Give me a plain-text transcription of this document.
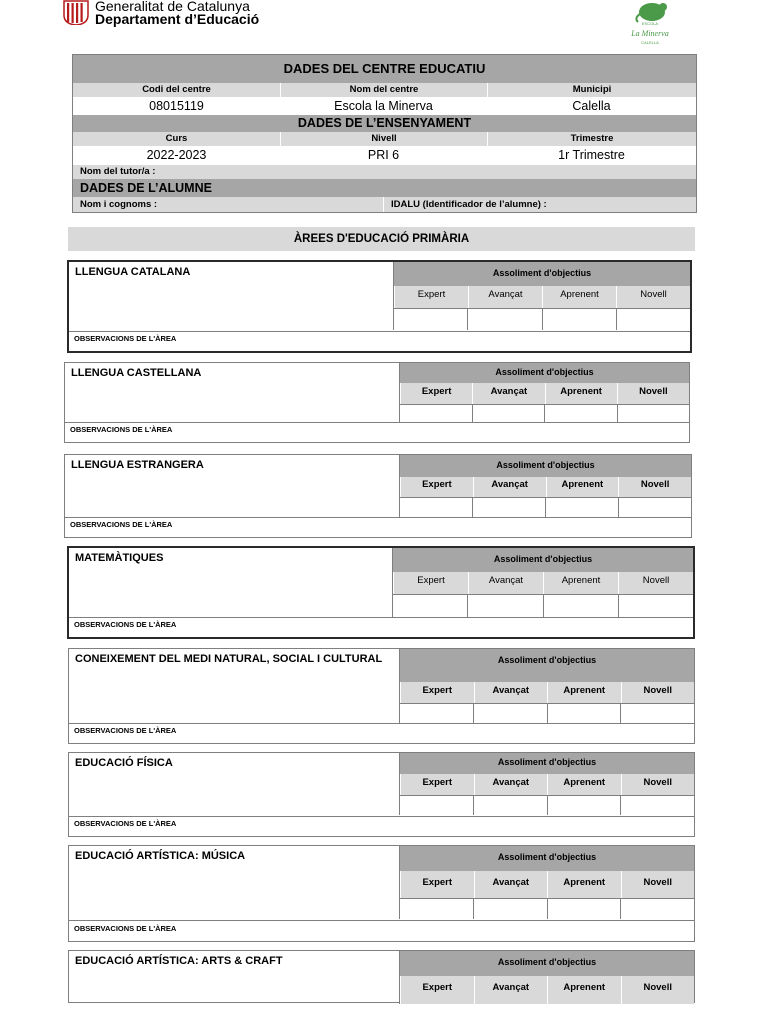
Generalitat de Catalunya
Departament d’Educació	ESCOLA
La Minerva
CALELLA
DADES DEL CENTRE EDUCATIU
Codi del centre	Nom del centre	Municipi
08015119	Escola la Minerva	Calella
DADES DE L’ENSENYAMENT
Curs	Nivell	Trimestre
2022-2023	PRI 6	1r Trimestre
Nom del tutor/a :
DADES DE L’ALUMNE
Nom i cognoms :	IDALU (Identificador de l’alumne) :
ÀREES D'EDUCACIÓ PRIMÀRIA
LLENGUA CATALANA	Assoliment d'objectius
Expert	Avançat	Aprenent	Novell
OBSERVACIONS DE L'ÀREA
LLENGUA CASTELLANA	Assoliment d'objectius
Expert	Avançat	Aprenent	Novell
OBSERVACIONS DE L'ÀREA
LLENGUA ESTRANGERA	Assoliment d'objectius
Expert	Avançat	Aprenent	Novell
OBSERVACIONS DE L'ÀREA
MATEMÀTIQUES	Assoliment d'objectius
Expert	Avançat	Aprenent	Novell
OBSERVACIONS DE L'ÀREA
CONEIXEMENT DEL MEDI NATURAL, SOCIAL I CULTURAL	Assoliment d'objectius
Expert	Avançat	Aprenent	Novell
OBSERVACIONS DE L'ÀREA
EDUCACIÓ FÍSICA	Assoliment d'objectius
Expert	Avançat	Aprenent	Novell
OBSERVACIONS DE L'ÀREA
EDUCACIÓ ARTÍSTICA: MÚSICA	Assoliment d'objectius
Expert	Avançat	Aprenent	Novell
OBSERVACIONS DE L'ÀREA
EDUCACIÓ ARTÍSTICA: ARTS & CRAFT	Assoliment d'objectius
Expert	Avançat	Aprenent	Novell
